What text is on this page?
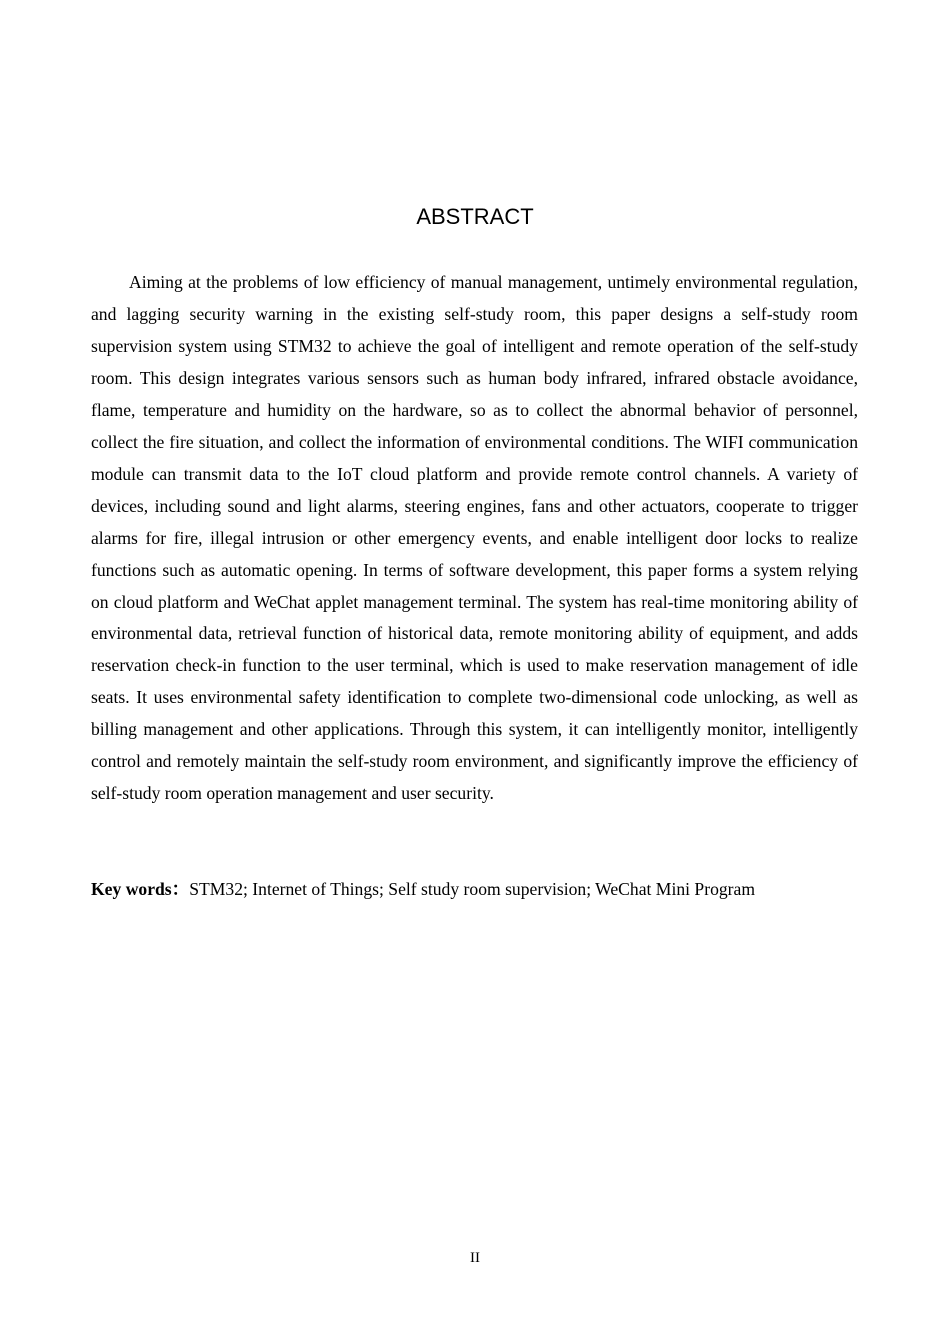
ABSTRACT

Aiming at the problems of low efficiency of manual management, untimely environmental regulation, and lagging security warning in the existing self-study room, this paper designs a self-study room supervision system using STM32 to achieve the goal of intelligent and remote operation of the self-study room. This design integrates various sensors such as human body infrared, infrared obstacle avoidance, flame, temperature and humidity on the hardware, so as to collect the abnormal behavior of personnel, collect the fire situation, and collect the information of environmental conditions. The WIFI communication module can transmit data to the IoT cloud platform and provide remote control channels. A variety of devices, including sound and light alarms, steering engines, fans and other actuators, cooperate to trigger alarms for fire, illegal intrusion or other emergency events, and enable intelligent door locks to realize functions such as automatic opening. In terms of software development, this paper forms a system relying on cloud platform and WeChat applet management terminal. The system has real-time monitoring ability of environmental data, retrieval function of historical data, remote monitoring ability of equipment, and adds reservation check-in function to the user terminal, which is used to make reservation management of idle seats. It uses environmental safety identification to complete two-dimensional code unlocking, as well as billing management and other applications. Through this system, it can intelligently monitor, intelligently control and remotely maintain the self-study room environment, and significantly improve the efficiency of self-study room operation management and user security.

Key words：STM32; Internet of Things; Self study room supervision; WeChat Mini Program

II
